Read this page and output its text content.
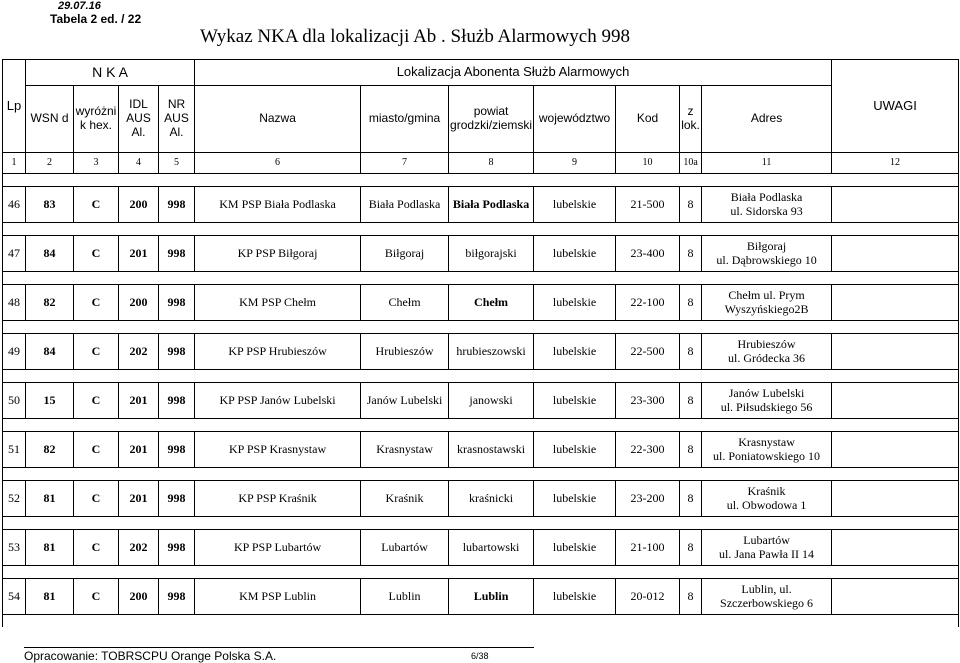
29.07.16
Tabela 2 ed. / 22
Wykaz NKA dla lokalizacji Ab . Służb Alarmowych 998
Lp	N K A				Lokalizacja Abonenta Służb Alarmowych							UWAGI
	WSN d	wyróżni k hex.	IDL AUS Al.	NR AUS Al.	Nazwa	miasto/gmina	powiat grodzki/ziemski	województwo	Kod	z lok.	Adres	
1	2	3	4	5	6	7	8	9	10	10a	11	12

46	83	C	200	998	KM PSP Biała Podlaska	Biała Podlaska	Biała Podlaska	lubelskie	21-500	8	Biała Podlaska
ul. Sidorska 93	

47	84	C	201	998	KP PSP Biłgoraj	Biłgoraj	biłgorajski	lubelskie	23-400	8	Biłgoraj
ul. Dąbrowskiego 10	

48	82	C	200	998	KM PSP Chełm	Chełm	Chełm	lubelskie	22-100	8	Chełm ul. Prym
Wyszyńskiego2B	

49	84	C	202	998	KP PSP Hrubieszów	Hrubieszów	hrubieszowski	lubelskie	22-500	8	Hrubieszów
ul. Gródecka 36	

50	15	C	201	998	KP PSP Janów Lubelski	Janów Lubelski	janowski	lubelskie	23-300	8	Janów Lubelski
ul. Piłsudskiego 56	

51	82	C	201	998	KP PSP Krasnystaw	Krasnystaw	krasnostawski	lubelskie	22-300	8	Krasnystaw
ul. Poniatowskiego 10	

52	81	C	201	998	KP PSP Kraśnik	Kraśnik	kraśnicki	lubelskie	23-200	8	Kraśnik
ul. Obwodowa 1	

53	81	C	202	998	KP PSP Lubartów	Lubartów	lubartowski	lubelskie	21-100	8	Lubartów
ul. Jana Pawła II 14	

54	81	C	200	998	KM PSP Lublin	Lublin	Lublin	lubelskie	20-012	8	Lublin, ul.
Szczerbowskiego 6	

Opracowanie: TOBRSCPU Orange Polska S.A.	6/38
